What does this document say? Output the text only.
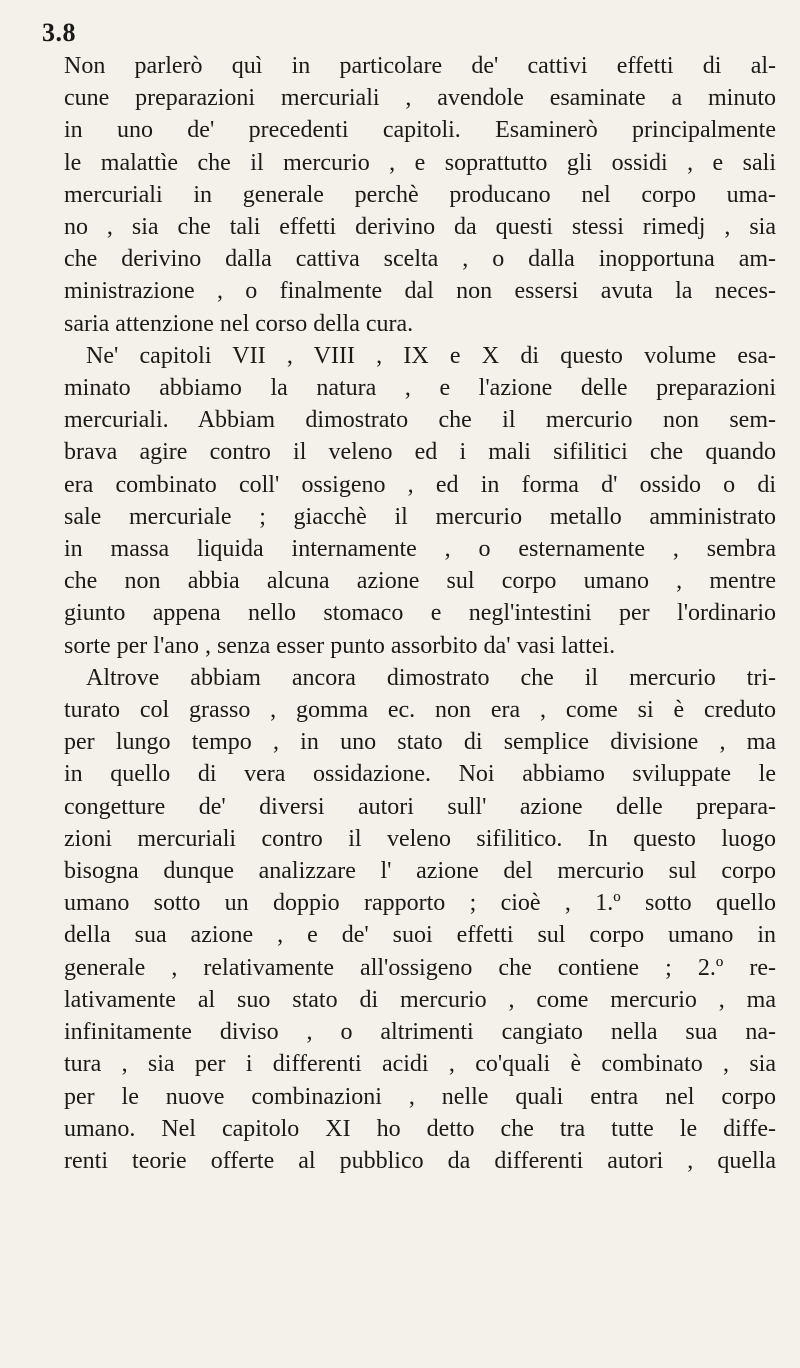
3.8
Non parlerò quì in particolare de' cattivi effetti di al-
cune preparazioni mercuriali , avendole esaminate a minuto
in uno de' precedenti capitoli. Esaminerò principalmente
le malattìe che il mercurio , e soprattutto gli ossidi , e sali
mercuriali in generale perchè producano nel corpo uma-
no , sia che tali effetti derivino da questi stessi rimedj , sia
che derivino dalla cattiva scelta , o dalla inopportuna am-
ministrazione , o finalmente dal non essersi avuta la neces-
saria attenzione nel corso della cura.
Ne' capitoli VII , VIII , IX e X di questo volume esa-
minato abbiamo la natura , e l'azione delle preparazioni
mercuriali. Abbiam dimostrato che il mercurio non sem-
brava agire contro il veleno ed i mali sifilitici che quando
era combinato coll' ossigeno , ed in forma d' ossido o di
sale mercuriale ; giacchè il mercurio metallo amministrato
in massa liquida internamente , o esternamente , sembra
che non abbia alcuna azione sul corpo umano , mentre
giunto appena nello stomaco e negl'intestini per l'ordinario
sorte per l'ano , senza esser punto assorbito da' vasi lattei.
Altrove abbiam ancora dimostrato che il mercurio tri-
turato col grasso , gomma ec. non era , come si è creduto
per lungo tempo , in uno stato di semplice divisione , ma
in quello di vera ossidazione. Noi abbiamo sviluppate le
congetture de' diversi autori sull' azione delle prepara-
zioni mercuriali contro il veleno sifilitico. In questo luogo
bisogna dunque analizzare l' azione del mercurio sul corpo
umano sotto un doppio rapporto ; cioè , 1.º sotto quello
della sua azione , e de' suoi effetti sul corpo umano in
generale , relativamente all'ossigeno che contiene ; 2.º re-
lativamente al suo stato di mercurio , come mercurio , ma
infinitamente diviso , o altrimenti cangiato nella sua na-
tura , sia per i differenti acidi , co'quali è combinato , sia
per le nuove combinazioni , nelle quali entra nel corpo
umano. Nel capitolo XI ho detto che tra tutte le diffe-
renti teorie offerte al pubblico da differenti autori , quella
